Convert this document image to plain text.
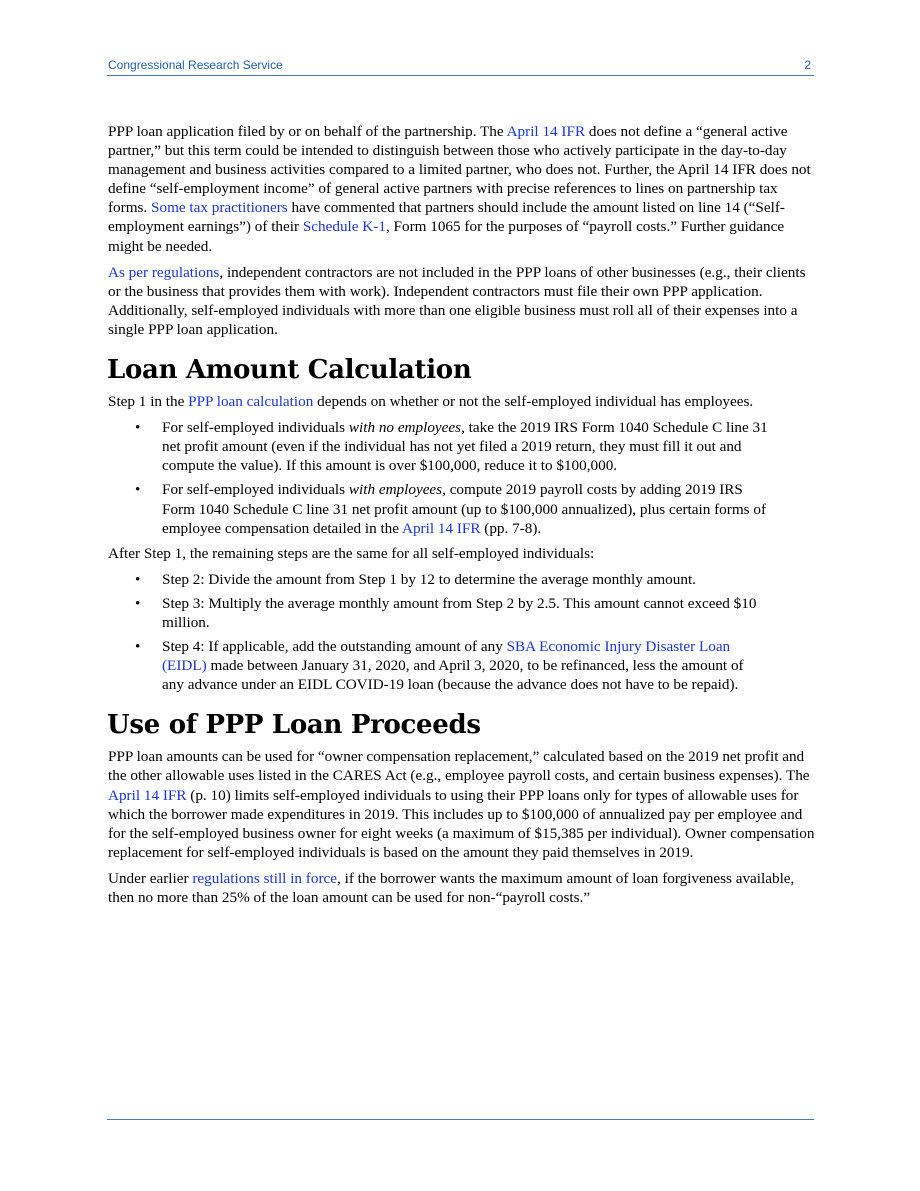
Congressional Research Service	2

PPP loan application filed by or on behalf of the partnership. The April 14 IFR does not define a “general active partner,” but this term could be intended to distinguish between those who actively participate in the day-to-day management and business activities compared to a limited partner, who does not. Further, the April 14 IFR does not define “self-employment income” of general active partners with precise references to lines on partnership tax forms. Some tax practitioners have commented that partners should include the amount listed on line 14 (“Self-employment earnings”) of their Schedule K-1, Form 1065 for the purposes of “payroll costs.” Further guidance might be needed.

As per regulations, independent contractors are not included in the PPP loans of other businesses (e.g., their clients or the business that provides them with work). Independent contractors must file their own PPP application. Additionally, self-employed individuals with more than one eligible business must roll all of their expenses into a single PPP loan application.

Loan Amount Calculation

Step 1 in the PPP loan calculation depends on whether or not the self-employed individual has employees.

• For self-employed individuals with no employees, take the 2019 IRS Form 1040 Schedule C line 31 net profit amount (even if the individual has not yet filed a 2019 return, they must fill it out and compute the value). If this amount is over $100,000, reduce it to $100,000.
• For self-employed individuals with employees, compute 2019 payroll costs by adding 2019 IRS Form 1040 Schedule C line 31 net profit amount (up to $100,000 annualized), plus certain forms of employee compensation detailed in the April 14 IFR (pp. 7-8).

After Step 1, the remaining steps are the same for all self-employed individuals:

• Step 2: Divide the amount from Step 1 by 12 to determine the average monthly amount.
• Step 3: Multiply the average monthly amount from Step 2 by 2.5. This amount cannot exceed $10 million.
• Step 4: If applicable, add the outstanding amount of any SBA Economic Injury Disaster Loan (EIDL) made between January 31, 2020, and April 3, 2020, to be refinanced, less the amount of any advance under an EIDL COVID-19 loan (because the advance does not have to be repaid).
Use of PPP Loan Proceeds

PPP loan amounts can be used for “owner compensation replacement,” calculated based on the 2019 net profit and the other allowable uses listed in the CARES Act (e.g., employee payroll costs, and certain business expenses). The April 14 IFR (p. 10) limits self-employed individuals to using their PPP loans only for types of allowable uses for which the borrower made expenditures in 2019. This includes up to $100,000 of annualized pay per employee and for the self-employed business owner for eight weeks (a maximum of $15,385 per individual). Owner compensation replacement for self-employed individuals is based on the amount they paid themselves in 2019.

Under earlier regulations still in force, if the borrower wants the maximum amount of loan forgiveness available, then no more than 25% of the loan amount can be used for non-“payroll costs.”
